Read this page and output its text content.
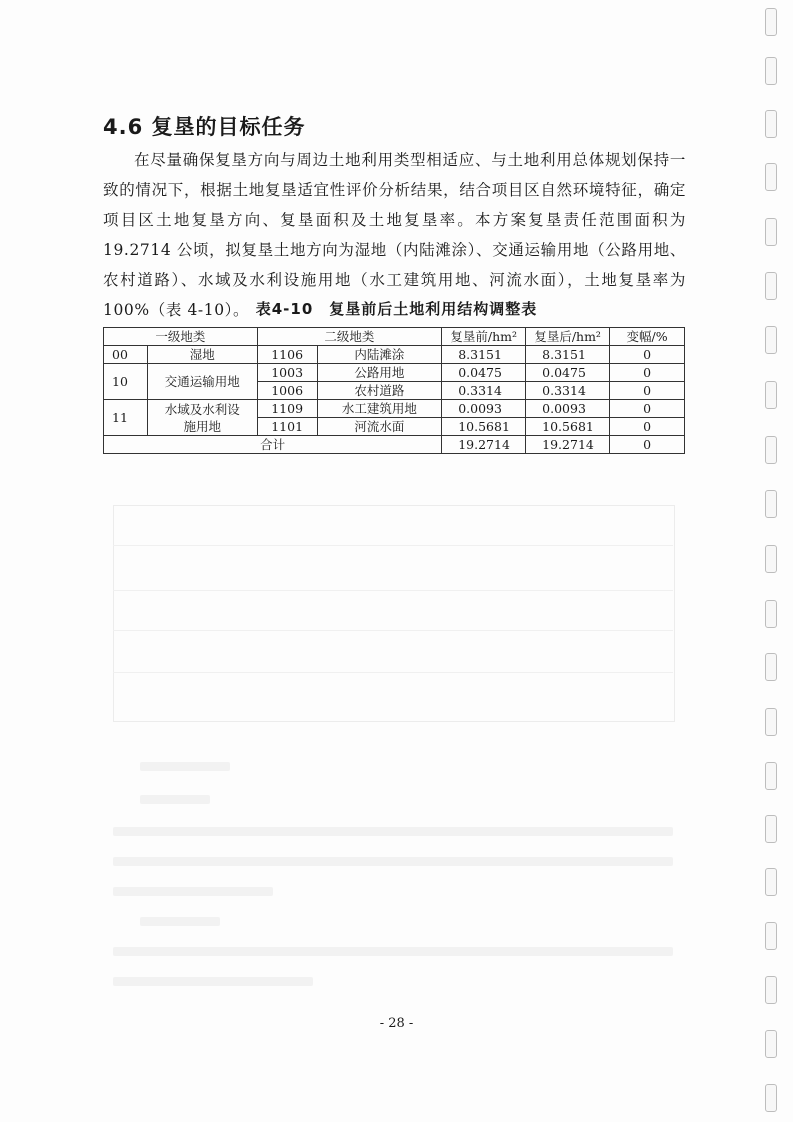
4.6 复垦的目标任务
在尽量确保复垦方向与周边土地利用类型相适应、与土地利用总体规划保持一致的情况下，根据土地复垦适宜性评价分析结果，结合项目区自然环境特征，确定项目区土地复垦方向、复垦面积及土地复垦率。本方案复垦责任范围面积为 19.2714 公顷，拟复垦土地方向为湿地（内陆滩涂）、交通运输用地（公路用地、农村道路）、水域及水利设施用地（水工建筑用地、河流水面），土地复垦率为 100%（表 4-10）。 表4-10　复垦前后土地利用结构调整表
一级地类		二级地类		复垦前/hm²	复垦后/hm²	变幅/%
00	湿地	1106	内陆滩涂	8.3151	8.3151	0
10	交通运输用地	1003	公路用地	0.0475	0.0475	0
		1006	农村道路	0.3314	0.3314	0
11	水域及水利设施用地	1109	水工建筑用地	0.0093	0.0093	0
		1101	河流水面	10.5681	10.5681	0
合计				19.2714	19.2714	0
- 28 -
